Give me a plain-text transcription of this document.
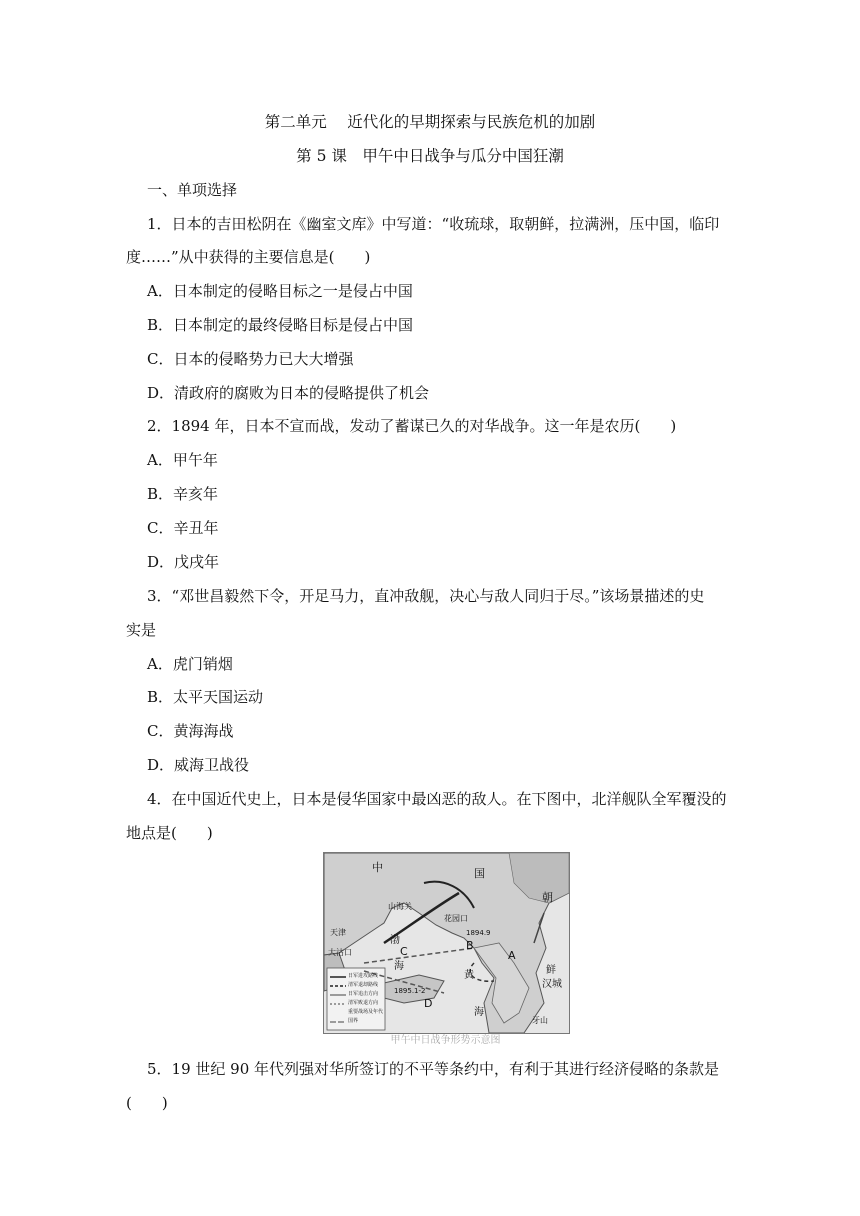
第二单元　 近代化的早期探索与民族危机的加剧
第 5 课　甲午中日战争与瓜分中国狂潮
一、单项选择
1．日本的吉田松阴在《幽室文库》中写道：“收琉球，取朝鲜，拉满洲，压中国，临印
度……”从中获得的主要信息是(　　)
A．日本制定的侵略目标之一是侵占中国
B．日本制定的最终侵略目标是侵占中国
C．日本的侵略势力已大大增强
D．清政府的腐败为日本的侵略提供了机会
2．1894 年，日本不宣而战，发动了蓄谋已久的对华战争。这一年是农历(　　)
A．甲午年
B．辛亥年
C．辛丑年
D．戊戌年
3．“邓世昌毅然下令，开足马力，直冲敌舰，决心与敌人同归于尽。”该场景描述的史
实是
A．虎门销烟
B．太平天国运动
C．黄海海战
D．威海卫战役
4．在中国近代史上，日本是侵华国家中最凶恶的敌人。在下图中，北洋舰队全军覆没的
地点是(　　)
中	国
朝
渤
海
黄
海
天津
大沽口
山海关
花园口
鲜
汉城
牙山
A
B
C
D
1894.9
1895.1-2
日军进攻路线
清军退却路线
日军追击方向
清军败退方向
重要战场及年代
国界
甲午中日战争形势示意图
5．19 世纪 90 年代列强对华所签订的不平等条约中，有利于其进行经济侵略的条款是
(　　)
